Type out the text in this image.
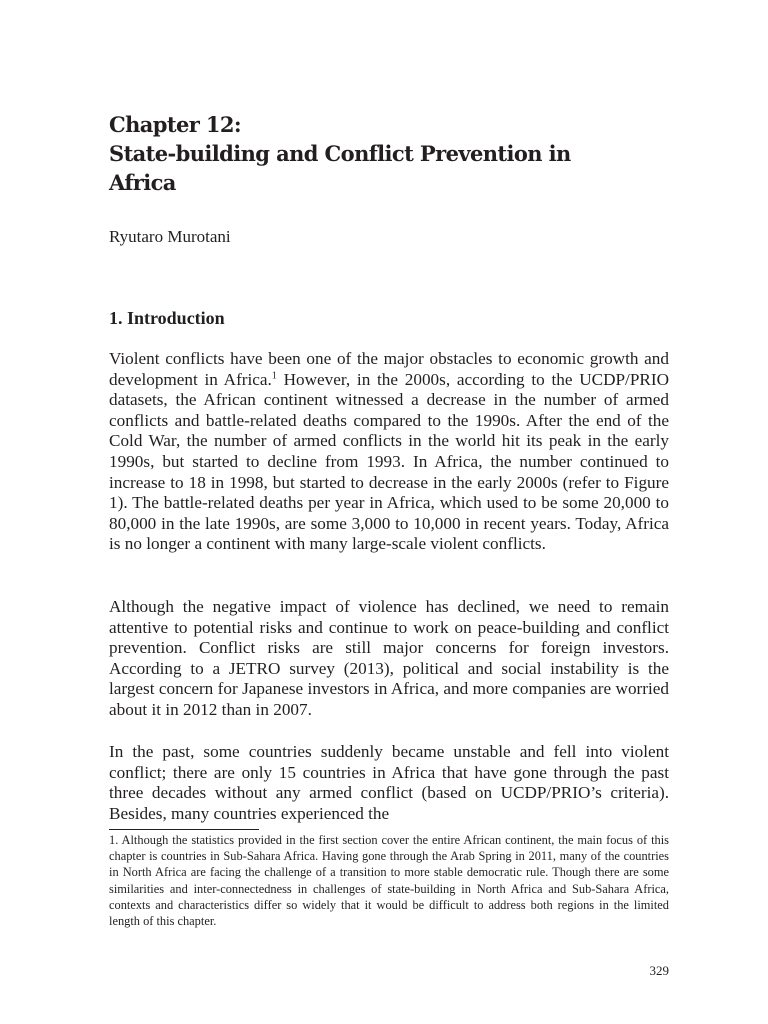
Chapter 12:
State-building and Conflict Prevention in
Africa

Ryutaro Murotani

1. Introduction

Violent conflicts have been one of the major obstacles to economic growth and development in Africa.$^1$ However, in the 2000s, according to the UCDP/PRIO datasets, the African continent witnessed a decrease in the number of armed conflicts and battle-related deaths compared to the 1990s. After the end of the Cold War, the number of armed conflicts in the world hit its peak in the early 1990s, but started to decline from 1993. In Africa, the number continued to increase to 18 in 1998, but started to decrease in the early 2000s (refer to Figure 1). The battle-related deaths per year in Africa, which used to be some 20,000 to 80,000 in the late 1990s, are some 3,000 to 10,000 in recent years. Today, Africa is no longer a continent with many large-scale violent conflicts.

Although the negative impact of violence has declined, we need to remain attentive to potential risks and continue to work on peace-building and conflict prevention. Conflict risks are still major concerns for foreign investors. According to a JETRO survey (2013), political and social instability is the largest concern for Japanese investors in Africa, and more companies are worried about it in 2012 than in 2007.

In the past, some countries suddenly became unstable and fell into violent conflict; there are only 15 countries in Africa that have gone through the past three decades without any armed conflict (based on UCDP/PRIO’s criteria). Besides, many countries experienced the

1. Although the statistics provided in the first section cover the entire African continent, the main focus of this chapter is countries in Sub-Sahara Africa. Having gone through the Arab Spring in 2011, many of the countries in North Africa are facing the challenge of a transition to more stable democratic rule. Though there are some similarities and inter-connectedness in challenges of state-building in North Africa and Sub-Sahara Africa, contexts and characteristics differ so widely that it would be difficult to address both regions in the limited length of this chapter.

329
